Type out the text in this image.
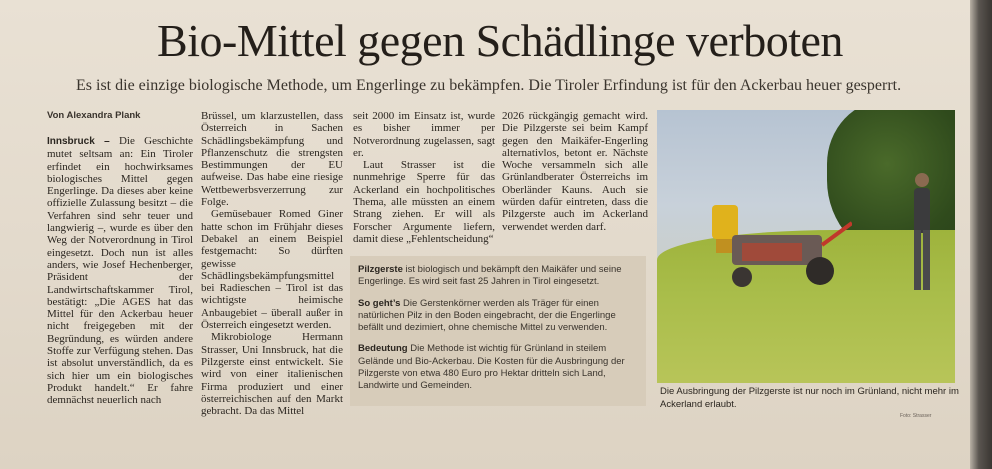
Bio-Mittel gegen Schädlinge verboten
Es ist die einzige biologische Methode, um Engerlinge zu bekämpfen. Die Tiroler Erfindung ist für den Ackerbau heuer gesperrt.
Von Alexandra Plank

Innsbruck – Die Geschichte mutet seltsam an: Ein Tiroler erfindet ein hochwirksames biologisches Mittel gegen Engerlinge. Da dieses aber keine offizielle Zulassung besitzt – die Verfahren sind sehr teuer und langwierig –, wurde es über den Weg der Notverordnung in Tirol eingesetzt. Doch nun ist alles anders, wie Josef Hechenberger, Präsident der Landwirtschaftskammer Tirol, bestätigt: „Die AGES hat das Mittel für den Ackerbau heuer nicht freigegeben mit der Begründung, es würden andere Stoffe zur Verfügung stehen. Das ist absolut unverständlich, da es sich hier um ein biologisches Produkt handelt.“ Er fahre demnächst neuerlich nach

Brüssel, um klarzustellen, dass Österreich in Sachen Schädlingsbekämpfung und Pflanzenschutz die strengsten Bestimmungen der EU aufweise. Das habe eine riesige Wettbewerbsverzerrung zur Folge.

Gemüsebauer Romed Giner hatte schon im Frühjahr dieses Debakel an einem Beispiel festgemacht: So dürften gewisse Schädlingsbekämpfungsmittel bei Radieschen – Tirol ist das wichtigste heimische Anbaugebiet – überall außer in Österreich eingesetzt werden.

Mikrobiologe Hermann Strasser, Uni Innsbruck, hat die Pilzgerste einst entwickelt. Sie wird von einer italienischen Firma produziert und einer österreichischen auf den Markt gebracht. Da das Mittel

seit 2000 im Einsatz ist, wurde es bisher immer per Notverordnung zugelassen, sagt er.

Laut Strasser ist die nunmehrige Sperre für das Ackerland ein hochpolitisches Thema, alle müssten an einem Strang ziehen. Er will als Forscher Argumente liefern, damit diese „Fehlentscheidung“

2026 rückgängig gemacht wird. Die Pilzgerste sei beim Kampf gegen den Maikäfer-Engerling alternativlos, betont er. Nächste Woche versammeln sich alle Grünlandberater Österreichs im Oberländer Kauns. Auch sie würden dafür eintreten, dass die Pilzgerste auch im Ackerland verwendet werden darf.

Pilzgerste ist biologisch und bekämpft den Maikäfer und seine Engerlinge. Es wird seit fast 25 Jahren in Tirol eingesetzt.

So geht’s Die Gerstenkörner werden als Träger für einen natürlichen Pilz in den Boden eingebracht, der die Engerlinge befällt und dezimiert, ohne chemische Mittel zu verwenden.

Bedeutung Die Methode ist wichtig für Grünland in steilem Gelände und Bio-Ackerbau. Die Kosten für die Ausbringung der Pilzgerste von etwa 480 Euro pro Hektar dritteln sich Land, Landwirte und Gemeinden.

Die Ausbringung der Pilzgerste ist nur noch im Grünland, nicht mehr im Ackerland erlaubt.
Foto: Strasser
